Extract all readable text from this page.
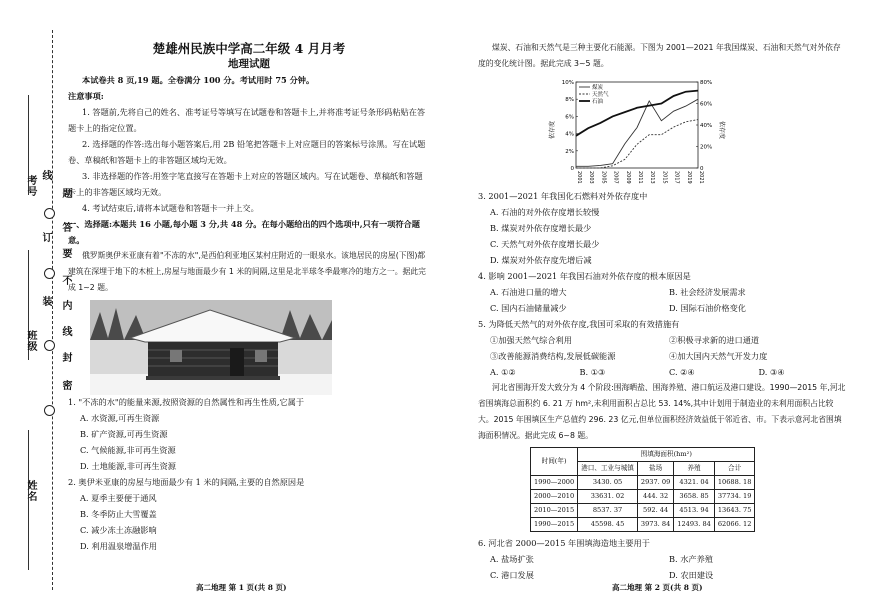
考号
班级
姓名
题
答
要
不
内
线
封
密
线
订
装
楚雄州民族中学高二年级 4 月月考
地理试题

本试卷共 8 页,19 题。全卷满分 100 分。考试用时 75 分钟。

注意事项:

1. 答题前,先将自己的姓名、准考证号等填写在试题卷和答题卡上,并将准考证号条形码粘贴在答题卡上的指定位置。

2. 选择题的作答:选出每小题答案后,用 2B 铅笔把答题卡上对应题目的答案标号涂黑。写在试题卷、草稿纸和答题卡上的非答题区域均无效。

3. 非选择题的作答:用签字笔直接写在答题卡上对应的答题区域内。写在试题卷、草稿纸和答题卡上的非答题区域均无效。

4. 考试结束后,请将本试题卷和答题卡一并上交。

一、选择题:本题共 16 小题,每小题 3 分,共 48 分。在每小题给出的四个选项中,只有一项符合题意。

俄罗斯奥伊米亚康有着"不冻的水",是西伯利亚地区某村庄附近的一眼泉水。该地居民的房屋(下图)都建筑在深埋于地下的木桩上,房屋与地面最少有 1 米的间隔,这里是北半球冬季最寒冷的地方之一。据此完成 1~2 题。

1. "不冻的水"的能量来源,按照资源的自然属性和再生性质,它属于

A. 水资源,可再生资源

B. 矿产资源,可再生资源

C. 气候能源,非可再生资源

D. 土地能源,非可再生资源

2. 奥伊米亚康的房屋与地面最少有 1 米的间隔,主要的自然原因是

A. 夏季主要便于通风

B. 冬季防止大雪覆盖

C. 减少冻土冻融影响

D. 利用温泉增温作用

高二地理 第 1 页(共 8 页)

煤炭、石油和天然气是三种主要化石能源。下图为 2001—2021 年我国煤炭、石油和天然气对外依存度的变化统计图。据此完成 3~5 题。

3. 2001—2021 年我国化石燃料对外依存度中

A. 石油的对外依存度增长较慢

B. 煤炭对外依存度增长最少

C. 天然气对外依存度增长最少

D. 煤炭对外依存度先增后减

4. 影响 2001—2021 年我国石油对外依存度的根本原因是

A. 石油进口量的增大	B. 社会经济发展需求
C. 国内石油储量减少	D. 国际石油价格变化

5. 为降低天然气的对外依存度,我国可采取的有效措施有

①加强天然气综合利用	②积极寻求新的进口通道
③改善能源消费结构,发展低碳能源	④加大国内天然气开发力度
A. ①②	B. ①③	C. ②④	D. ③④

河北省围海开发大致分为 4 个阶段:围海晒盐、围海养殖、港口航运及港口建设。1990—2015 年,河北省围填海总面积约 6. 21 万 hm²,未利用面积占总比 53. 14%,其中计划用于制造业的未利用面积占比较大。2015 年围填区生产总值约 296. 23 亿元,但单位面积经济效益低于邻近省、市。下表示意河北省围填海面积情况。据此完成 6~8 题。

时间(年)	围填海面积(hm²)			
	港口、工业与城镇	盐场	养殖	合计
1990—2000	3430. 05	2937. 09	4321. 04	10688. 18
2000—2010	33631. 02	444. 32	3658. 85	37734. 19
2010—2015	8537. 37	592. 44	4513. 94	13643. 75
1990—2015	45598. 45	3973. 84	12493. 84	62066. 12

6. 河北省 2000—2015 年围填海造地主要用于

A. 盐场扩张	B. 水产养殖
C. 港口发展	D. 农田建设
10%
8%
6%
4%
2%
0
80%
60%
40%
20%
0
2001 2003 2005 2007 2009 2011 2013 2015 2017 2019 2021
煤炭
天然气
石油
依存度	依存度
高二地理 第 2 页(共 8 页)
